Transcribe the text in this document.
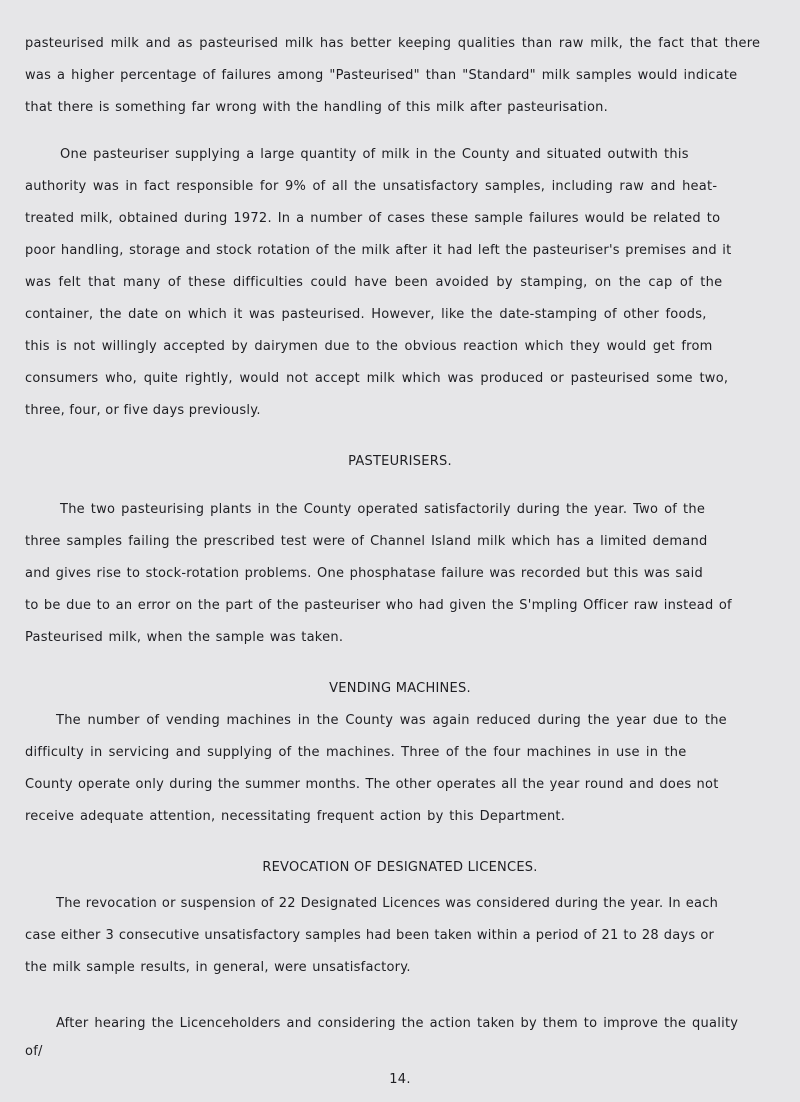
pasteurised milk and as pasteurised milk has better keeping qualities than raw milk, the fact that there
was a higher percentage of failures among "Pasteurised" than "Standard" milk samples would indicate
that there is something far wrong with the handling of this milk after pasteurisation.
One pasteuriser supplying a large quantity of milk in the County and situated outwith this
authority was in fact responsible for 9% of all the unsatisfactory samples, including raw and heat-
treated milk, obtained during 1972. In a number of cases these sample failures would be related to
poor handling, storage and stock rotation of the milk after it had left the pasteuriser's premises and it
was felt that many of these difficulties could have been avoided by stamping, on the cap of the
container, the date on which it was pasteurised. However, like the date-stamping of other foods,
this is not willingly accepted by dairymen due to the obvious reaction which they would get from
consumers who, quite rightly, would not accept milk which was produced or pasteurised some two,
three, four, or five days previously.
PASTEURISERS.
The two pasteurising plants in the County operated satisfactorily during the year. Two of the
three samples failing the prescribed test were of Channel Island milk which has a limited demand
and gives rise to stock-rotation problems. One phosphatase failure was recorded but this was said
to be due to an error on the part of the pasteuriser who had given the S'mpling Officer raw instead of
Pasteurised milk, when the sample was taken.
VENDING MACHINES.
The number of vending machines in the County was again reduced during the year due to the
difficulty in servicing and supplying of the machines. Three of the four machines in use in the
County operate only during the summer months. The other operates all the year round and does not
receive adequate attention, necessitating frequent action by this Department.
REVOCATION OF DESIGNATED LICENCES.
The revocation or suspension of 22 Designated Licences was considered during the year. In each
case either 3 consecutive unsatisfactory samples had been taken within a period of 21 to 28 days or
the milk sample results, in general, were unsatisfactory.
After hearing the Licenceholders and considering the action taken by them to improve the quality
of/
14.
